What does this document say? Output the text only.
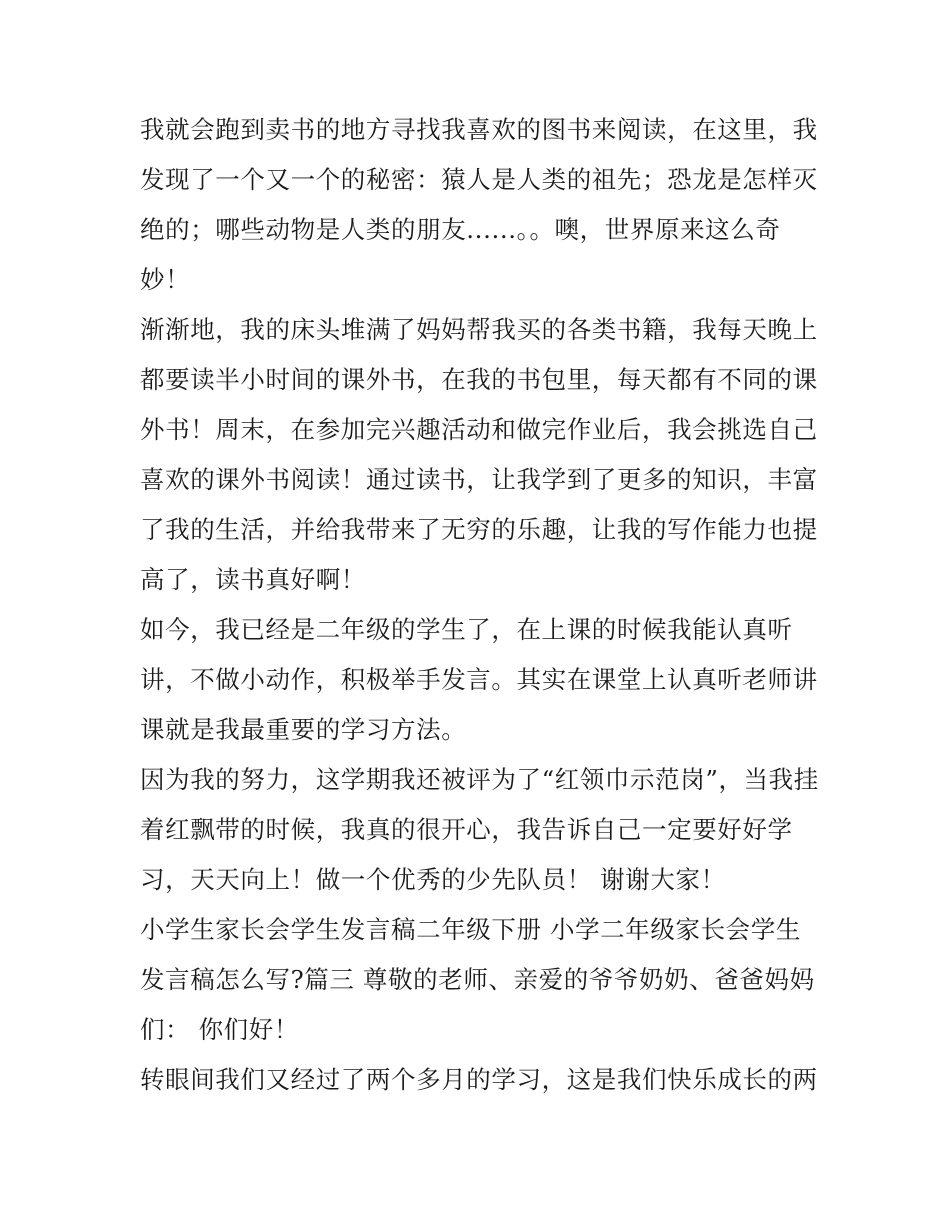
我就会跑到卖书的地方寻找我喜欢的图书来阅读，在这里，我
发现了一个又一个的秘密：猿人是人类的祖先；恐龙是怎样灭
绝的；哪些动物是人类的朋友......。。噢，世界原来这么奇
妙！
渐渐地，我的床头堆满了妈妈帮我买的各类书籍，我每天晚上
都要读半小时间的课外书，在我的书包里，每天都有不同的课
外书！周末，在参加完兴趣活动和做完作业后，我会挑选自己
喜欢的课外书阅读！通过读书，让我学到了更多的知识，丰富
了我的生活，并给我带来了无穷的乐趣，让我的写作能力也提
高了，读书真好啊！
如今，我已经是二年级的学生了，在上课的时候我能认真听
讲，不做小动作，积极举手发言。其实在课堂上认真听老师讲
课就是我最重要的学习方法。
因为我的努力，这学期我还被评为了“红领巾示范岗”，当我挂
着红飘带的时候，我真的很开心，我告诉自己一定要好好学
习，天天向上！做一个优秀的少先队员！ 谢谢大家！
小学生家长会学生发言稿二年级下册 小学二年级家长会学生
发言稿怎么写?篇三 尊敬的老师、亲爱的爷爷奶奶、爸爸妈妈
们： 你们好！
转眼间我们又经过了两个多月的学习，这是我们快乐成长的两
